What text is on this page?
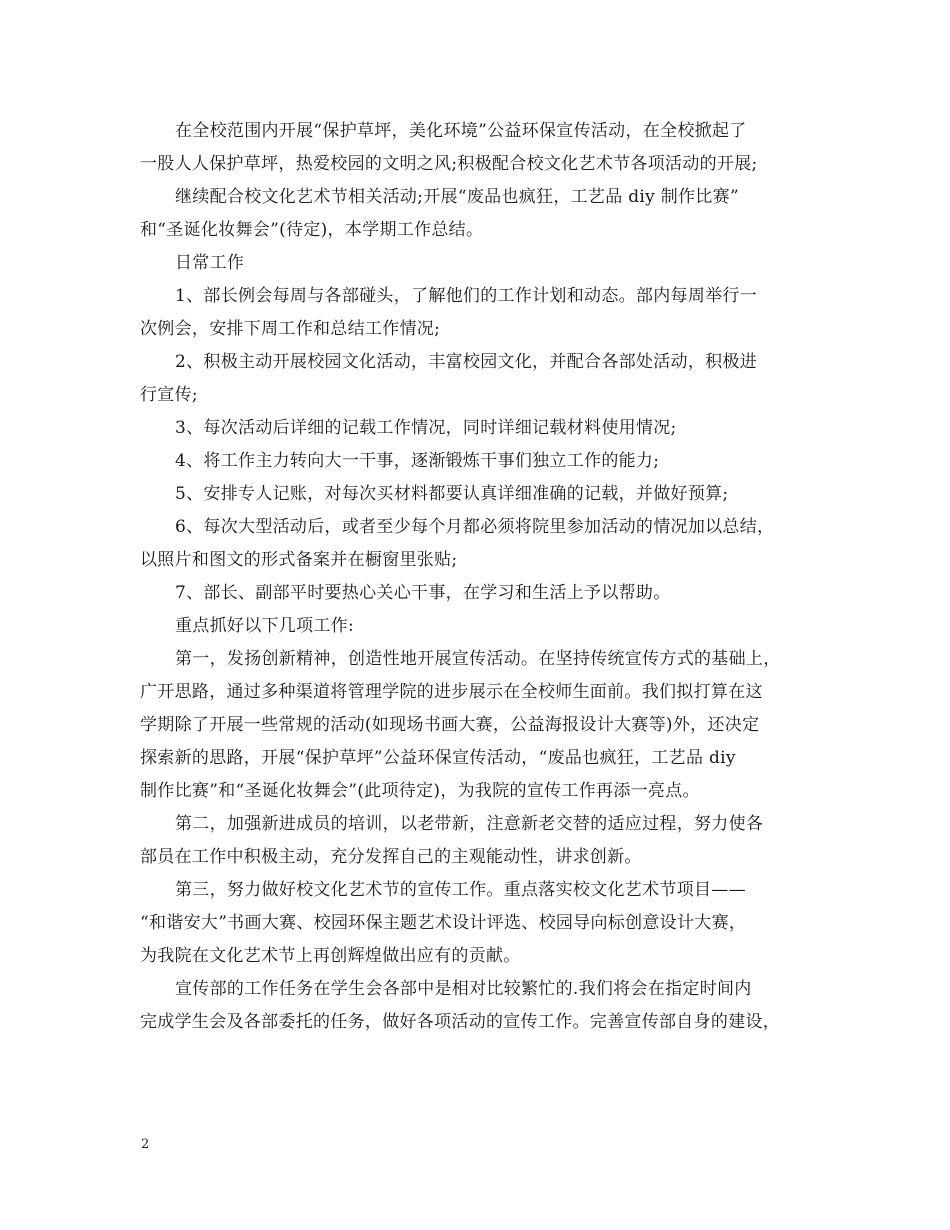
在全校范围内开展“保护草坪，美化环境”公益环保宣传活动，在全校掀起了
一股人人保护草坪，热爱校园的文明之风;积极配合校文化艺术节各项活动的开展;
继续配合校文化艺术节相关活动;开展“废品也疯狂，工艺品 diy 制作比赛”
和“圣诞化妆舞会”(待定)，本学期工作总结。
日常工作
1、部长例会每周与各部碰头，了解他们的工作计划和动态。部内每周举行一
次例会，安排下周工作和总结工作情况;
2、积极主动开展校园文化活动，丰富校园文化，并配合各部处活动，积极进
行宣传;
3、每次活动后详细的记载工作情况，同时详细记载材料使用情况;
4、将工作主力转向大一干事，逐渐锻炼干事们独立工作的能力;
5、安排专人记账，对每次买材料都要认真详细准确的记载，并做好预算;
6、每次大型活动后，或者至少每个月都必须将院里参加活动的情况加以总结，
以照片和图文的形式备案并在橱窗里张贴;
7、部长、副部平时要热心关心干事，在学习和生活上予以帮助。
重点抓好以下几项工作:
第一，发扬创新精神，创造性地开展宣传活动。在坚持传统宣传方式的基础上，
广开思路，通过多种渠道将管理学院的进步展示在全校师生面前。我们拟打算在这
学期除了开展一些常规的活动(如现场书画大赛，公益海报设计大赛等)外，还决定
探索新的思路，开展“保护草坪”公益环保宣传活动，“废品也疯狂，工艺品 diy
制作比赛”和“圣诞化妆舞会”(此项待定)，为我院的宣传工作再添一亮点。
第二，加强新进成员的培训，以老带新，注意新老交替的适应过程，努力使各
部员在工作中积极主动，充分发挥自己的主观能动性，讲求创新。
第三，努力做好校文化艺术节的宣传工作。重点落实校文化艺术节项目——
“和谐安大”书画大赛、校园环保主题艺术设计评选、校园导向标创意设计大赛，
为我院在文化艺术节上再创辉煌做出应有的贡献。
宣传部的工作任务在学生会各部中是相对比较繁忙的.我们将会在指定时间内
完成学生会及各部委托的任务，做好各项活动的宣传工作。完善宣传部自身的建设，
2
